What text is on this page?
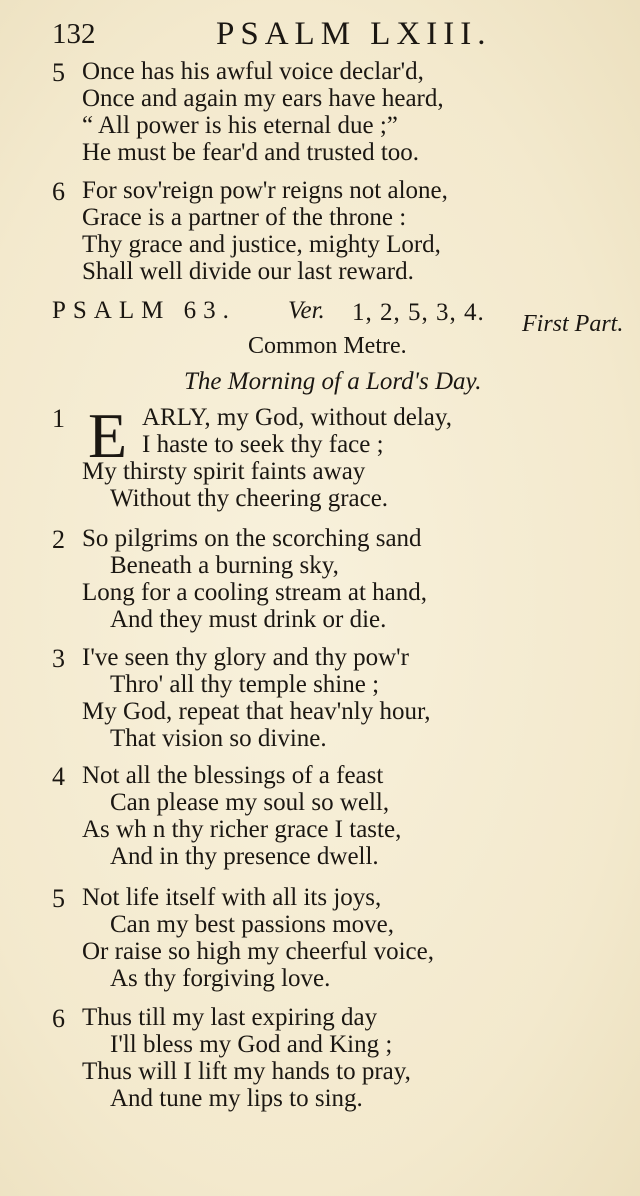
132	PSALM LXIII.
5 Once has his awful voice declar'd,
Once and again my ears have heard,
“ All power is his eternal due ;”
He must be fear'd and trusted too.
6 For sov'reign pow'r reigns not alone,
Grace is a partner of the throne :
Thy grace and justice, mighty Lord,
Shall well divide our last reward.
PSALM 63. Ver. 1, 2, 5, 3, 4. First Part.
Common Metre.
The Morning of a Lord's Day.
1 E ARLY, my God, without delay,
I haste to seek thy face ;
My thirsty spirit faints away
Without thy cheering grace.
2 So pilgrims on the scorching sand
Beneath a burning sky,
Long for a cooling stream at hand,
And they must drink or die.
3 I've seen thy glory and thy pow'r
Thro' all thy temple shine ;
My God, repeat that heav'nly hour,
That vision so divine.
4 Not all the blessings of a feast
Can please my soul so well,
As wh n thy richer grace I taste,
And in thy presence dwell.
5 Not life itself with all its joys,
Can my best passions move,
Or raise so high my cheerful voice,
As thy forgiving love.
6 Thus till my last expiring day
I'll bless my God and King ;
Thus will I lift my hands to pray,
And tune my lips to sing.
